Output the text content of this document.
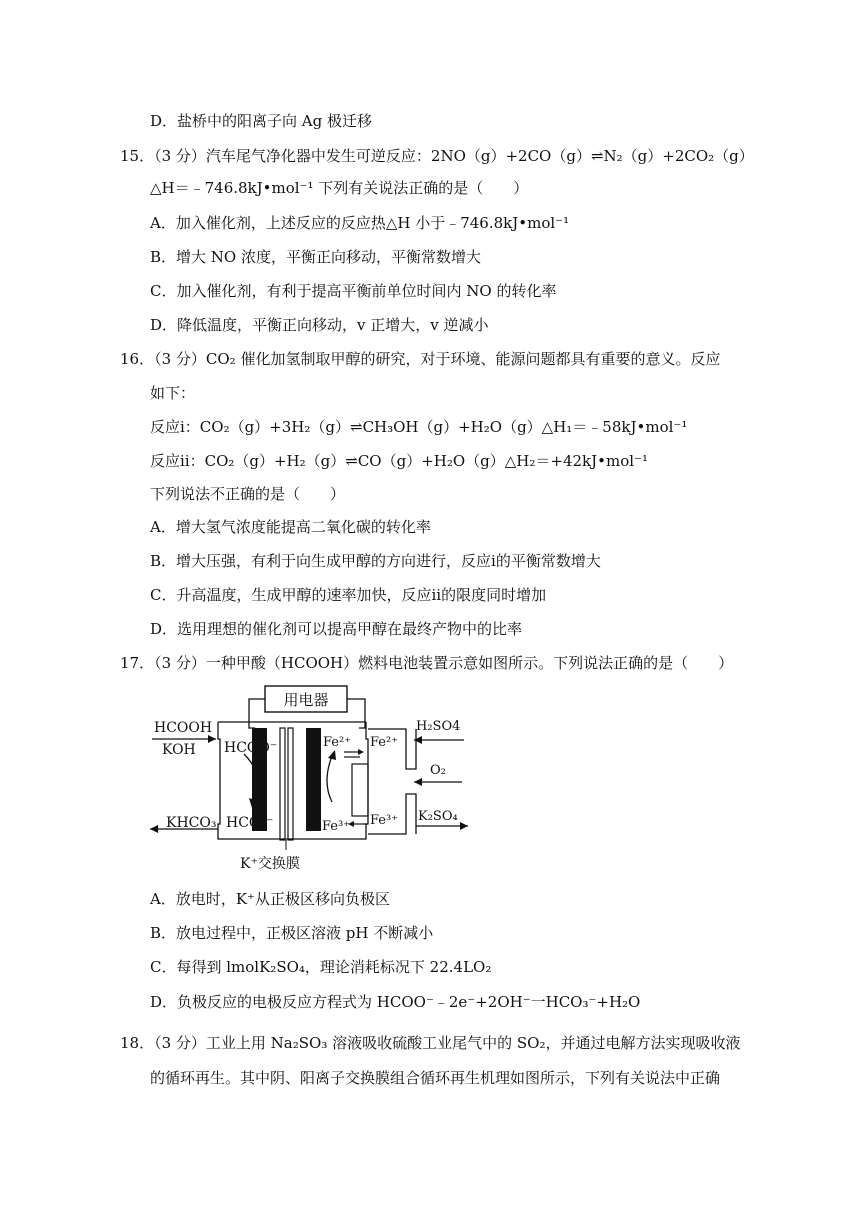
D．盐桥中的阳离子向 Ag 极迁移
15．（3 分）汽车尾气净化器中发生可逆反应：2NO（g）+2CO（g）⇌N₂（g）+2CO₂（g）
△H＝﹣746.8kJ•mol⁻¹ 下列有关说法正确的是（　　）
A．加入催化剂，上述反应的反应热△H 小于﹣746.8kJ•mol⁻¹
B．增大 NO 浓度，平衡正向移动，平衡常数增大
C．加入催化剂，有利于提高平衡前单位时间内 NO 的转化率
D．降低温度，平衡正向移动，v 正增大，v 逆减小
16．（3 分）CO₂ 催化加氢制取甲醇的研究，对于环境、能源问题都具有重要的意义。反应
如下：
反应ⅰ：CO₂（g）+3H₂（g）⇌CH₃OH（g）+H₂O（g）△H₁＝﹣58kJ•mol⁻¹
反应ⅱ：CO₂（g）+H₂（g）⇌CO（g）+H₂O（g）△H₂＝+42kJ•mol⁻¹
下列说法不正确的是（　　）
A．增大氢气浓度能提高二氧化碳的转化率
B．增大压强，有利于向生成甲醇的方向进行，反应ⅰ的平衡常数增大
C．升高温度，生成甲醇的速率加快，反应ⅱ的限度同时增加
D．选用理想的催化剂可以提高甲醇在最终产物中的比率
17．（3 分）一种甲酸（HCOOH）燃料电池装置示意如图所示。下列说法正确的是（　　）
用电器
HCOOH
KOH HCOO⁻
KHCO₃ HCO₃⁻
Fe²⁺ Fe²⁺
Fe³⁺ Fe³⁺
H₂SO4
O₂
K₂SO₄
K⁺交换膜
A．放电时，K⁺从正极区移向负极区
B．放电过程中，正极区溶液 pH 不断减小
C．每得到 lmolK₂SO₄，理论消耗标况下 22.4LO₂
D．负极反应的电极反应方程式为 HCOO⁻﹣2e⁻+2OH⁻一HCO₃⁻+H₂O
18．（3 分）工业上用 Na₂SO₃ 溶液吸收硫酸工业尾气中的 SO₂，并通过电解方法实现吸收液
的循环再生。其中阴、阳离子交换膜组合循环再生机理如图所示，下列有关说法中正确
